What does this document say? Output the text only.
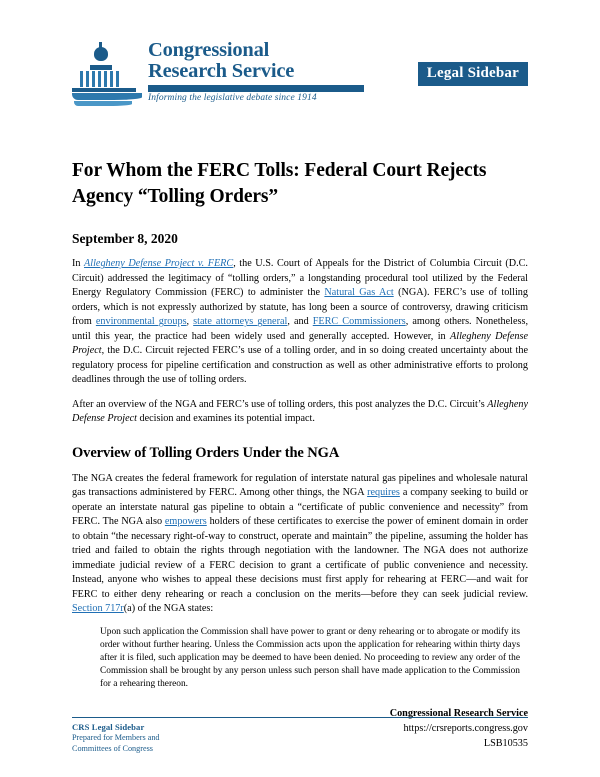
Congressional
Research Service
Informing the legislative debate since 1914
Legal Sidebar
For Whom the FERC Tolls: Federal Court Rejects Agency “Tolling Orders”
September 8, 2020

In Allegheny Defense Project v. FERC, the U.S. Court of Appeals for the District of Columbia Circuit (D.C. Circuit) addressed the legitimacy of “tolling orders,” a longstanding procedural tool utilized by the Federal Energy Regulatory Commission (FERC) to administer the Natural Gas Act (NGA). FERC’s use of tolling orders, which is not expressly authorized by statute, has long been a source of controversy, drawing criticism from environmental groups, state attorneys general, and FERC Commissioners, among others. Nonetheless, until this year, the practice had been widely used and generally accepted. However, in Allegheny Defense Project, the D.C. Circuit rejected FERC’s use of a tolling order, and in so doing created uncertainty about the regulatory process for pipeline certification and construction as well as other administrative efforts to prolong deadlines through the use of tolling orders.

After an overview of the NGA and FERC’s use of tolling orders, this post analyzes the D.C. Circuit’s Allegheny Defense Project decision and examines its potential impact.

Overview of Tolling Orders Under the NGA

The NGA creates the federal framework for regulation of interstate natural gas pipelines and wholesale natural gas transactions administered by FERC. Among other things, the NGA requires a company seeking to build or operate an interstate natural gas pipeline to obtain a “certificate of public convenience and necessity” from FERC. The NGA also empowers holders of these certificates to exercise the power of eminent domain in order to obtain “the necessary right-of-way to construct, operate and maintain” the pipeline, assuming the holder has tried and failed to obtain the rights through negotiation with the landowner. The NGA does not authorize immediate judicial review of a FERC decision to grant a certificate of public convenience and necessity. Instead, anyone who wishes to appeal these decisions must first apply for rehearing at FERC—and wait for FERC to either deny rehearing or reach a conclusion on the merits—before they can seek judicial review. Section 717r(a) of the NGA states:

Upon such application the Commission shall have power to grant or deny rehearing or to abrogate or modify its order without further hearing. Unless the Commission acts upon the application for rehearing within thirty days after it is filed, such application may be deemed to have been denied. No proceeding to review any order of the Commission shall be brought by any person unless such person shall have made application to the Commission for a rehearing thereon.
Congressional Research Service
https://crsreports.congress.gov
LSB10535
CRS Legal Sidebar
Prepared for Members and
Committees of Congress
